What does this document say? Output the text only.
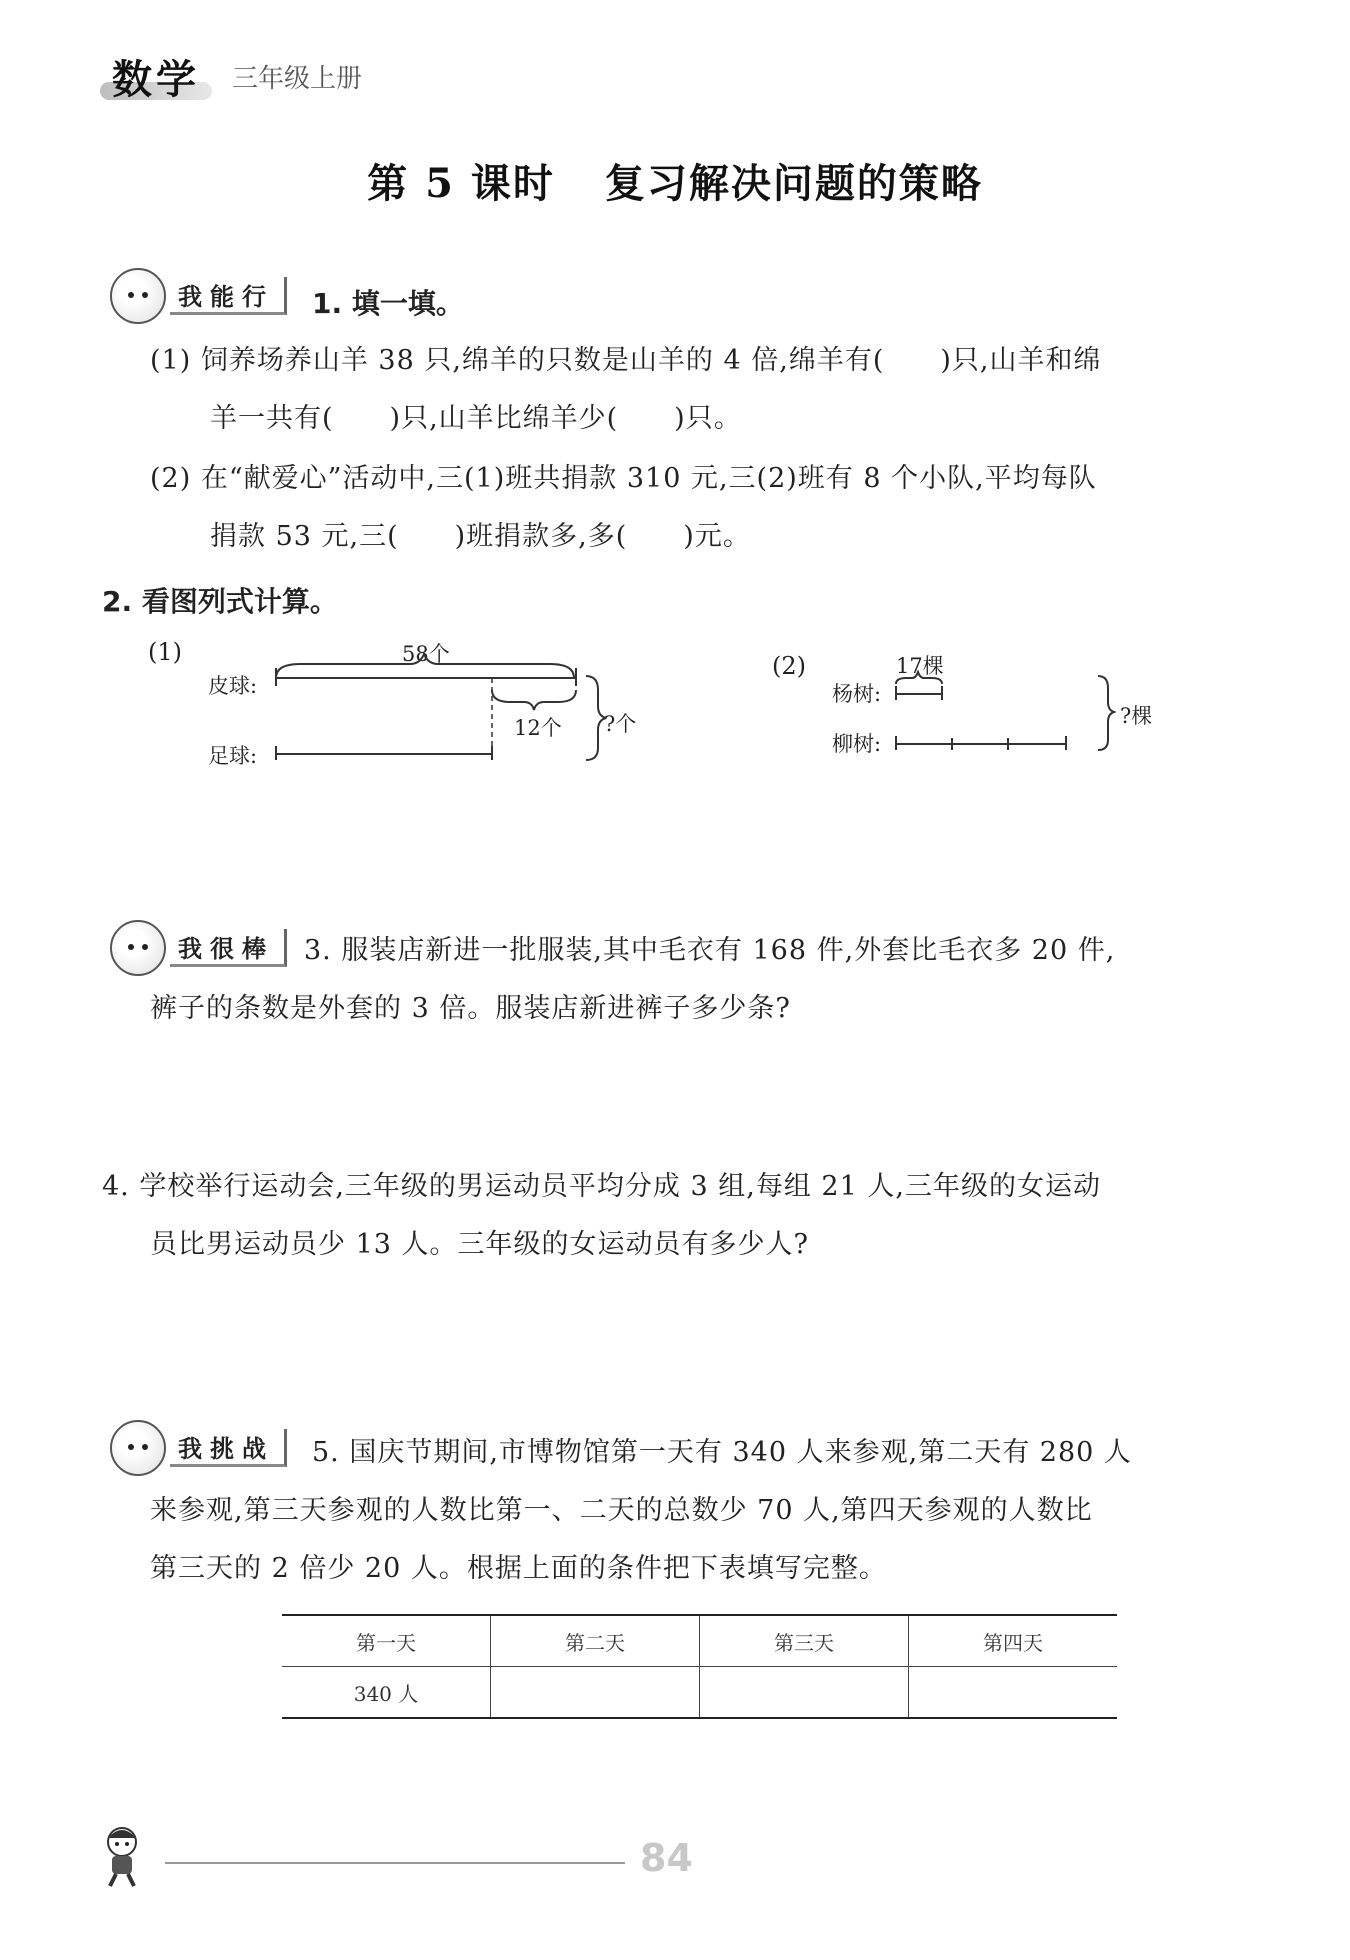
数学 三年级上册
第 5 课时 复习解决问题的策略
我能行	1. 填一填。
(1) 饲养场养山羊 38 只,绵羊的只数是山羊的 4 倍,绵羊有(　　)只,山羊和绵
羊一共有(　　)只,山羊比绵羊少(　　)只。
(2) 在“献爱心”活动中,三(1)班共捐款 310 元,三(2)班有 8 个小队,平均每队
捐款 53 元,三(　　)班捐款多,多(　　)元。
2. 看图列式计算。
(1)
皮球:
足球:
58个
12个 ?个
(2)
杨树:
柳树:
17棵
?棵
我很棒	3. 服装店新进一批服装,其中毛衣有 168 件,外套比毛衣多 20 件,
裤子的条数是外套的 3 倍。服装店新进裤子多少条?
4. 学校举行运动会,三年级的男运动员平均分成 3 组,每组 21 人,三年级的女运动
员比男运动员少 13 人。三年级的女运动员有多少人?
我挑战	5. 国庆节期间,市博物馆第一天有 340 人来参观,第二天有 280 人
来参观,第三天参观的人数比第一、二天的总数少 70 人,第四天参观的人数比
第三天的 2 倍少 20 人。根据上面的条件把下表填写完整。
第一天	第二天	第三天	第四天
340 人			
84
